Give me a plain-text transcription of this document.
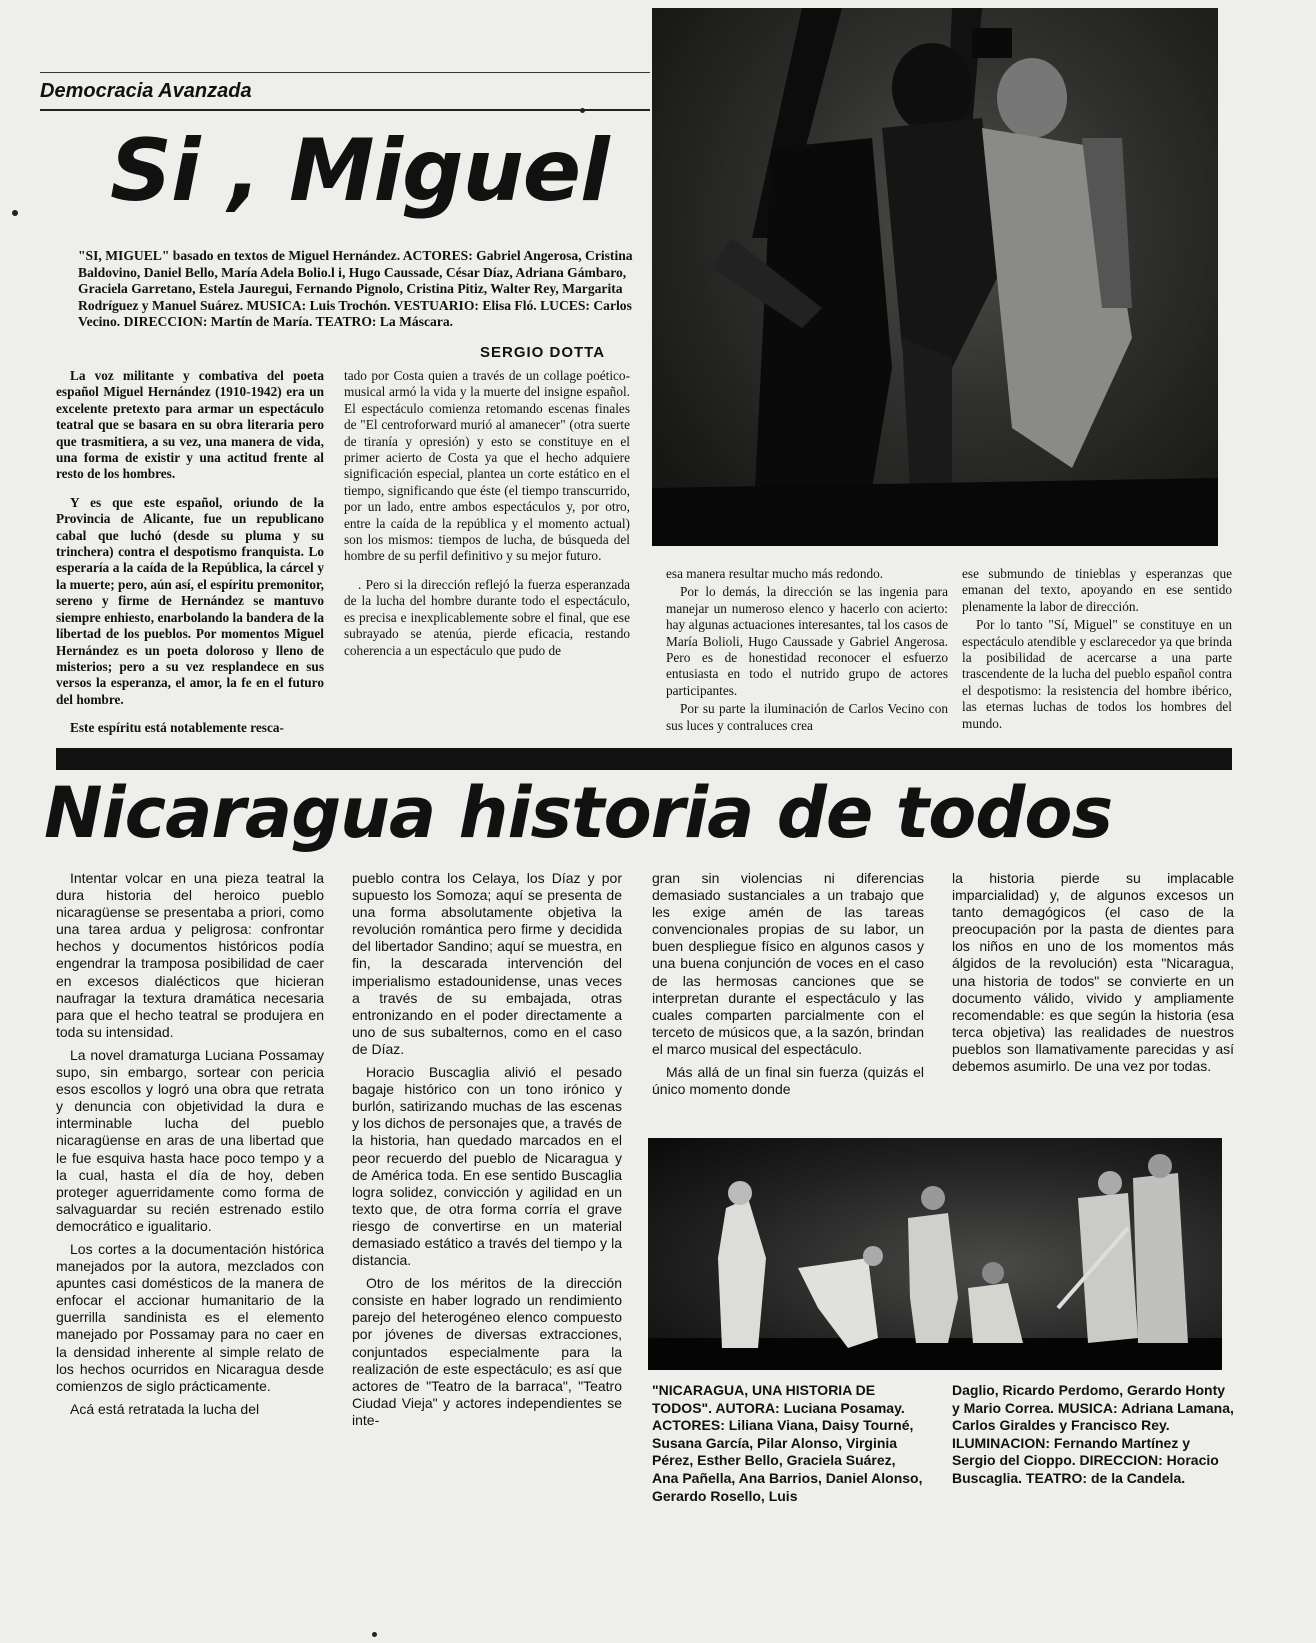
Democracia Avanzada
Si , Miguel
"SI, MIGUEL" basado en textos de Miguel Hernández. ACTORES: Gabriel Angerosa, Cristina Baldovino, Daniel Bello, María Adela Bolio.l i, Hugo Caussade, César Díaz, Adriana Gámbaro, Graciela Garretano, Estela Jauregui, Fernando Pignolo, Cristina Pitiz, Walter Rey, Margarita Rodríguez y Manuel Suárez. MUSICA: Luis Trochón. VESTUARIO: Elisa Fló. LUCES: Carlos Vecino. DIRECCION: Martín de María. TEATRO: La Máscara.
SERGIO DOTTA

La voz militante y combativa del poeta español Miguel Hernández (1910-1942) era un excelente pretexto para armar un espectáculo teatral que se basara en su obra literaria pero que trasmitiera, a su vez, una manera de vida, una forma de existir y una actitud frente al resto de los hombres.

Y es que este español, oriundo de la Provincia de Alicante, fue un republicano cabal que luchó (desde su pluma y su trinchera) contra el despotismo franquista. Lo esperaría a la caída de la República, la cárcel y la muerte; pero, aún así, el espíritu premonitor, sereno y firme de Hernández se mantuvo siempre enhiesto, enarbolando la bandera de la libertad de los pueblos. Por momentos Miguel Hernández es un poeta doloroso y lleno de misterios; pero a su vez resplandece en sus versos la esperanza, el amor, la fe en el futuro del hombre.

Este espíritu está notablemente resca-

tado por Costa quien a través de un collage poético-musical armó la vida y la muerte del insigne español. El espectáculo comienza retomando escenas finales de "El centroforward murió al amanecer" (otra suerte de tiranía y opresión) y esto se constituye en el primer acierto de Costa ya que el hecho adquiere significación especial, plantea un corte estático en el tiempo, significando que éste (el tiempo transcurrido, por un lado, entre ambos espectáculos y, por otro, entre la caída de la república y el momento actual) son los mismos: tiempos de lucha, de búsqueda del hombre de su perfil definitivo y su mejor futuro.

. Pero si la dirección reflejó la fuerza esperanzada de la lucha del hombre durante todo el espectáculo, es precisa e inexplicablemente sobre el final, que ese subrayado se atenúa, pierde eficacia, restando coherencia a un espectáculo que pudo de

esa manera resultar mucho más redondo.

Por lo demás, la dirección se las ingenia para manejar un numeroso elenco y hacerlo con acierto: hay algunas actuaciones interesantes, tal los casos de María Bolioli, Hugo Caussade y Gabriel Angerosa. Pero es de honestidad reconocer el esfuerzo entusiasta en todo el nutrido grupo de actores participantes.

Por su parte la iluminación de Carlos Vecino con sus luces y contraluces crea

ese submundo de tinieblas y esperanzas que emanan del texto, apoyando en ese sentido plenamente la labor de dirección.

Por lo tanto "Sí, Miguel" se constituye en un espectáculo atendible y esclarecedor ya que brinda la posibilidad de acercarse a una parte trascendente de la lucha del pueblo español contra el despotismo: la resistencia del hombre ibérico, las eternas luchas de todos los hombres del mundo.

Nicaragua historia de todos

Intentar volcar en una pieza teatral la dura historia del heroico pueblo nicaragüense se presentaba a priori, como una tarea ardua y peligrosa: confrontar hechos y documentos históricos podía engendrar la tramposa posibilidad de caer en excesos dialécticos que hicieran naufragar la textura dramática necesaria para que el hecho teatral se produjera en toda su intensidad.

La novel dramaturga Luciana Possamay supo, sin embargo, sortear con pericia esos escollos y logró una obra que retrata y denuncia con objetividad la dura e interminable lucha del pueblo nicaragüense en aras de una libertad que le fue esquiva hasta hace poco tempo y a la cual, hasta el día de hoy, deben proteger aguerridamente como forma de salvaguardar su recién estrenado estilo democrático e igualitario.

Los cortes a la documentación histórica manejados por la autora, mezclados con apuntes casi domésticos de la manera de enfocar el accionar humanitario de la guerrilla sandinista es el elemento manejado por Possamay para no caer en la densidad inherente al simple relato de los hechos ocurridos en Nicaragua desde comienzos de siglo prácticamente.

Acá está retratada la lucha del

pueblo contra los Celaya, los Díaz y por supuesto los Somoza; aquí se presenta de una forma absolutamente objetiva la revolución romántica pero firme y decidida del libertador Sandino; aquí se muestra, en fin, la descarada intervención del imperialismo estadounidense, unas veces a través de su embajada, otras entronizando en el poder directamente a uno de sus subalternos, como en el caso de Díaz.

Horacio Buscaglia alivió el pesado bagaje histórico con un tono irónico y burlón, satirizando muchas de las escenas y los dichos de personajes que, a través de la historia, han quedado marcados en el peor recuerdo del pueblo de Nicaragua y de América toda. En ese sentido Buscaglia logra solidez, convicción y agilidad en un texto que, de otra forma corría el grave riesgo de convertirse en un material demasiado estático a través del tiempo y la distancia.

Otro de los méritos de la dirección consiste en haber logrado un rendimiento parejo del heterogéneo elenco compuesto por jóvenes de diversas extracciones, conjuntados especialmente para la realización de este espectáculo; es así que actores de "Teatro de la barraca", "Teatro Ciudad Vieja" y actores independientes se inte-

gran sin violencias ni diferencias demasiado sustanciales a un trabajo que les exige amén de las tareas convencionales propias de su labor, un buen despliegue físico en algunos casos y una buena conjunción de voces en el caso de las hermosas canciones que se interpretan durante el espectáculo y las cuales comparten parcialmente con el terceto de músicos que, a la sazón, brindan el marco musical del espectáculo.

Más allá de un final sin fuerza (quizás el único momento donde

la historia pierde su implacable imparcialidad) y, de algunos excesos un tanto demagógicos (el caso de la preocupación por la pasta de dientes para los niños en uno de los momentos más álgidos de la revolución) esta "Nicaragua, una historia de todos" se convierte en un documento válido, vivido y ampliamente recomendable: es que según la historia (esa terca objetiva) las realidades de nuestros pueblos son llamativamente parecidas y así debemos asumirlo. De una vez por todas.

"NICARAGUA, UNA HISTORIA DE TODOS". AUTORA: Luciana Posamay. ACTORES: Liliana Viana, Daisy Tourné, Susana García, Pilar Alonso, Virginia Pérez, Esther Bello, Graciela Suárez, Ana Pañella, Ana Barrios, Daniel Alonso, Gerardo Rosello, Luis
Daglio, Ricardo Perdomo, Gerardo Honty y Mario Correa. MUSICA: Adriana Lamana, Carlos Giraldes y Francisco Rey. ILUMINACION: Fernando Martínez y Sergio del Cioppo. DIRECCION: Horacio Buscaglia. TEATRO: de la Candela.
